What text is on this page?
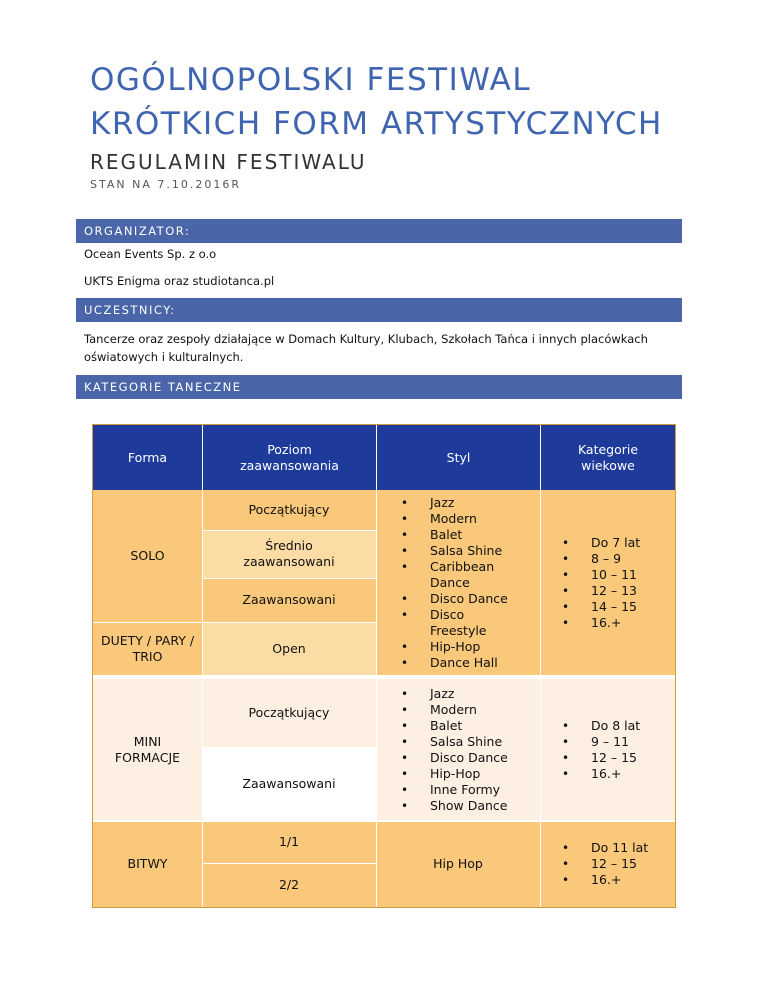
OGÓLNOPOLSKI FESTIWAL
KRÓTKICH FORM ARTYSTYCZNYCH
REGULAMIN FESTIWALU
STAN NA 7.10.2016R
ORGANIZATOR:
Ocean Events Sp. z o.o
UKTS Enigma oraz studiotanca.pl
UCZESTNICY:
Tancerze oraz zespoły działające w Domach Kultury, Klubach, Szkołach Tańca i innych placówkach oświatowych i kulturalnych.
KATEGORIE TANECZNE
Forma
Poziom zaawansowania
Styl
Kategorie wiekowe
SOLO
DUETY / PARY / TRIO
Początkujący
Średnio zaawansowani
Zaawansowani
Open
• Jazz
• Modern
• Balet
• Salsa Shine
• Caribbean Dance
• Disco Dance
• Disco Freestyle
• Hip-Hop
• Dance Hall
• Do 7 lat
• 8 – 9
• 10 – 11
• 12 – 13
• 14 – 15
• 16.+
MINI FORMACJE
Początkujący
Zaawansowani
• Jazz
• Modern
• Balet
• Salsa Shine
• Disco Dance
• Hip-Hop
• Inne Formy
• Show Dance
• Do 8 lat
• 9 – 11
• 12 – 15
• 16.+
BITWY
1/1
2/2
Hip Hop
• Do 11 lat
• 12 – 15
• 16.+
